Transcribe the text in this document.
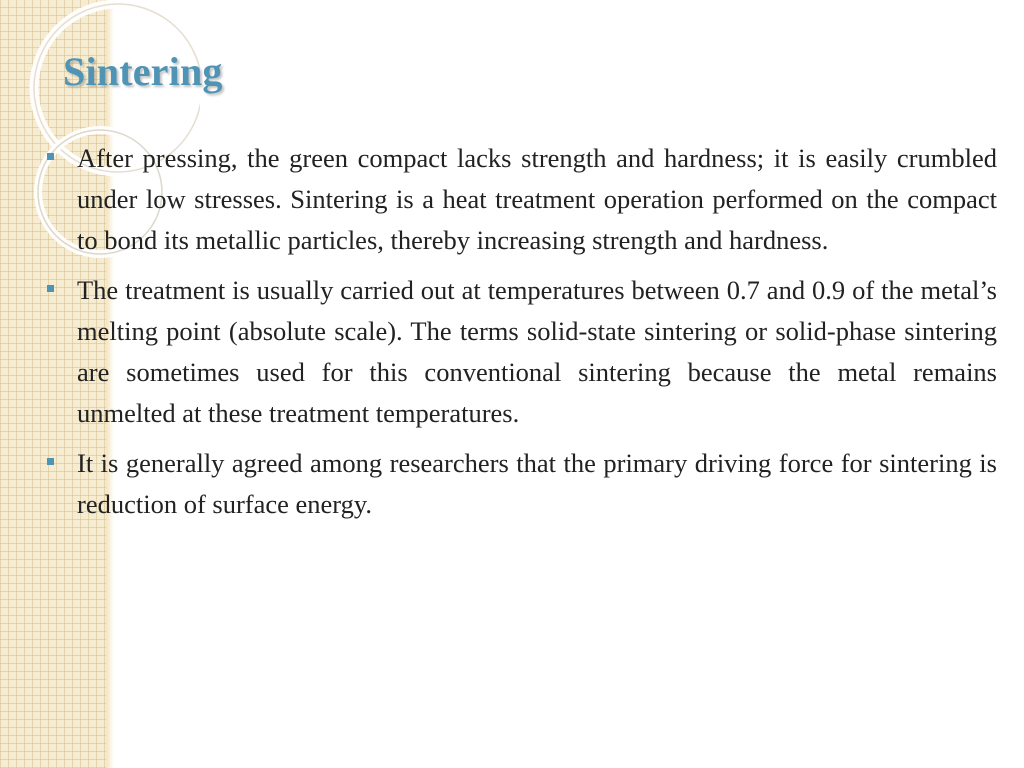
Sintering
After pressing, the green compact lacks strength and hardness; it is easily crumbled under low stresses. Sintering is a heat treatment operation performed on the compact to bond its metallic particles, thereby increasing strength and hardness.
The treatment is usually carried out at temperatures between 0.7 and 0.9 of the metal’s melting point (absolute scale). The terms solid-state sintering or solid-phase sintering are sometimes used for this conventional sintering because the metal remains unmelted at these treatment temperatures.
It is generally agreed among researchers that the primary driving force for sintering is reduction of surface energy.
